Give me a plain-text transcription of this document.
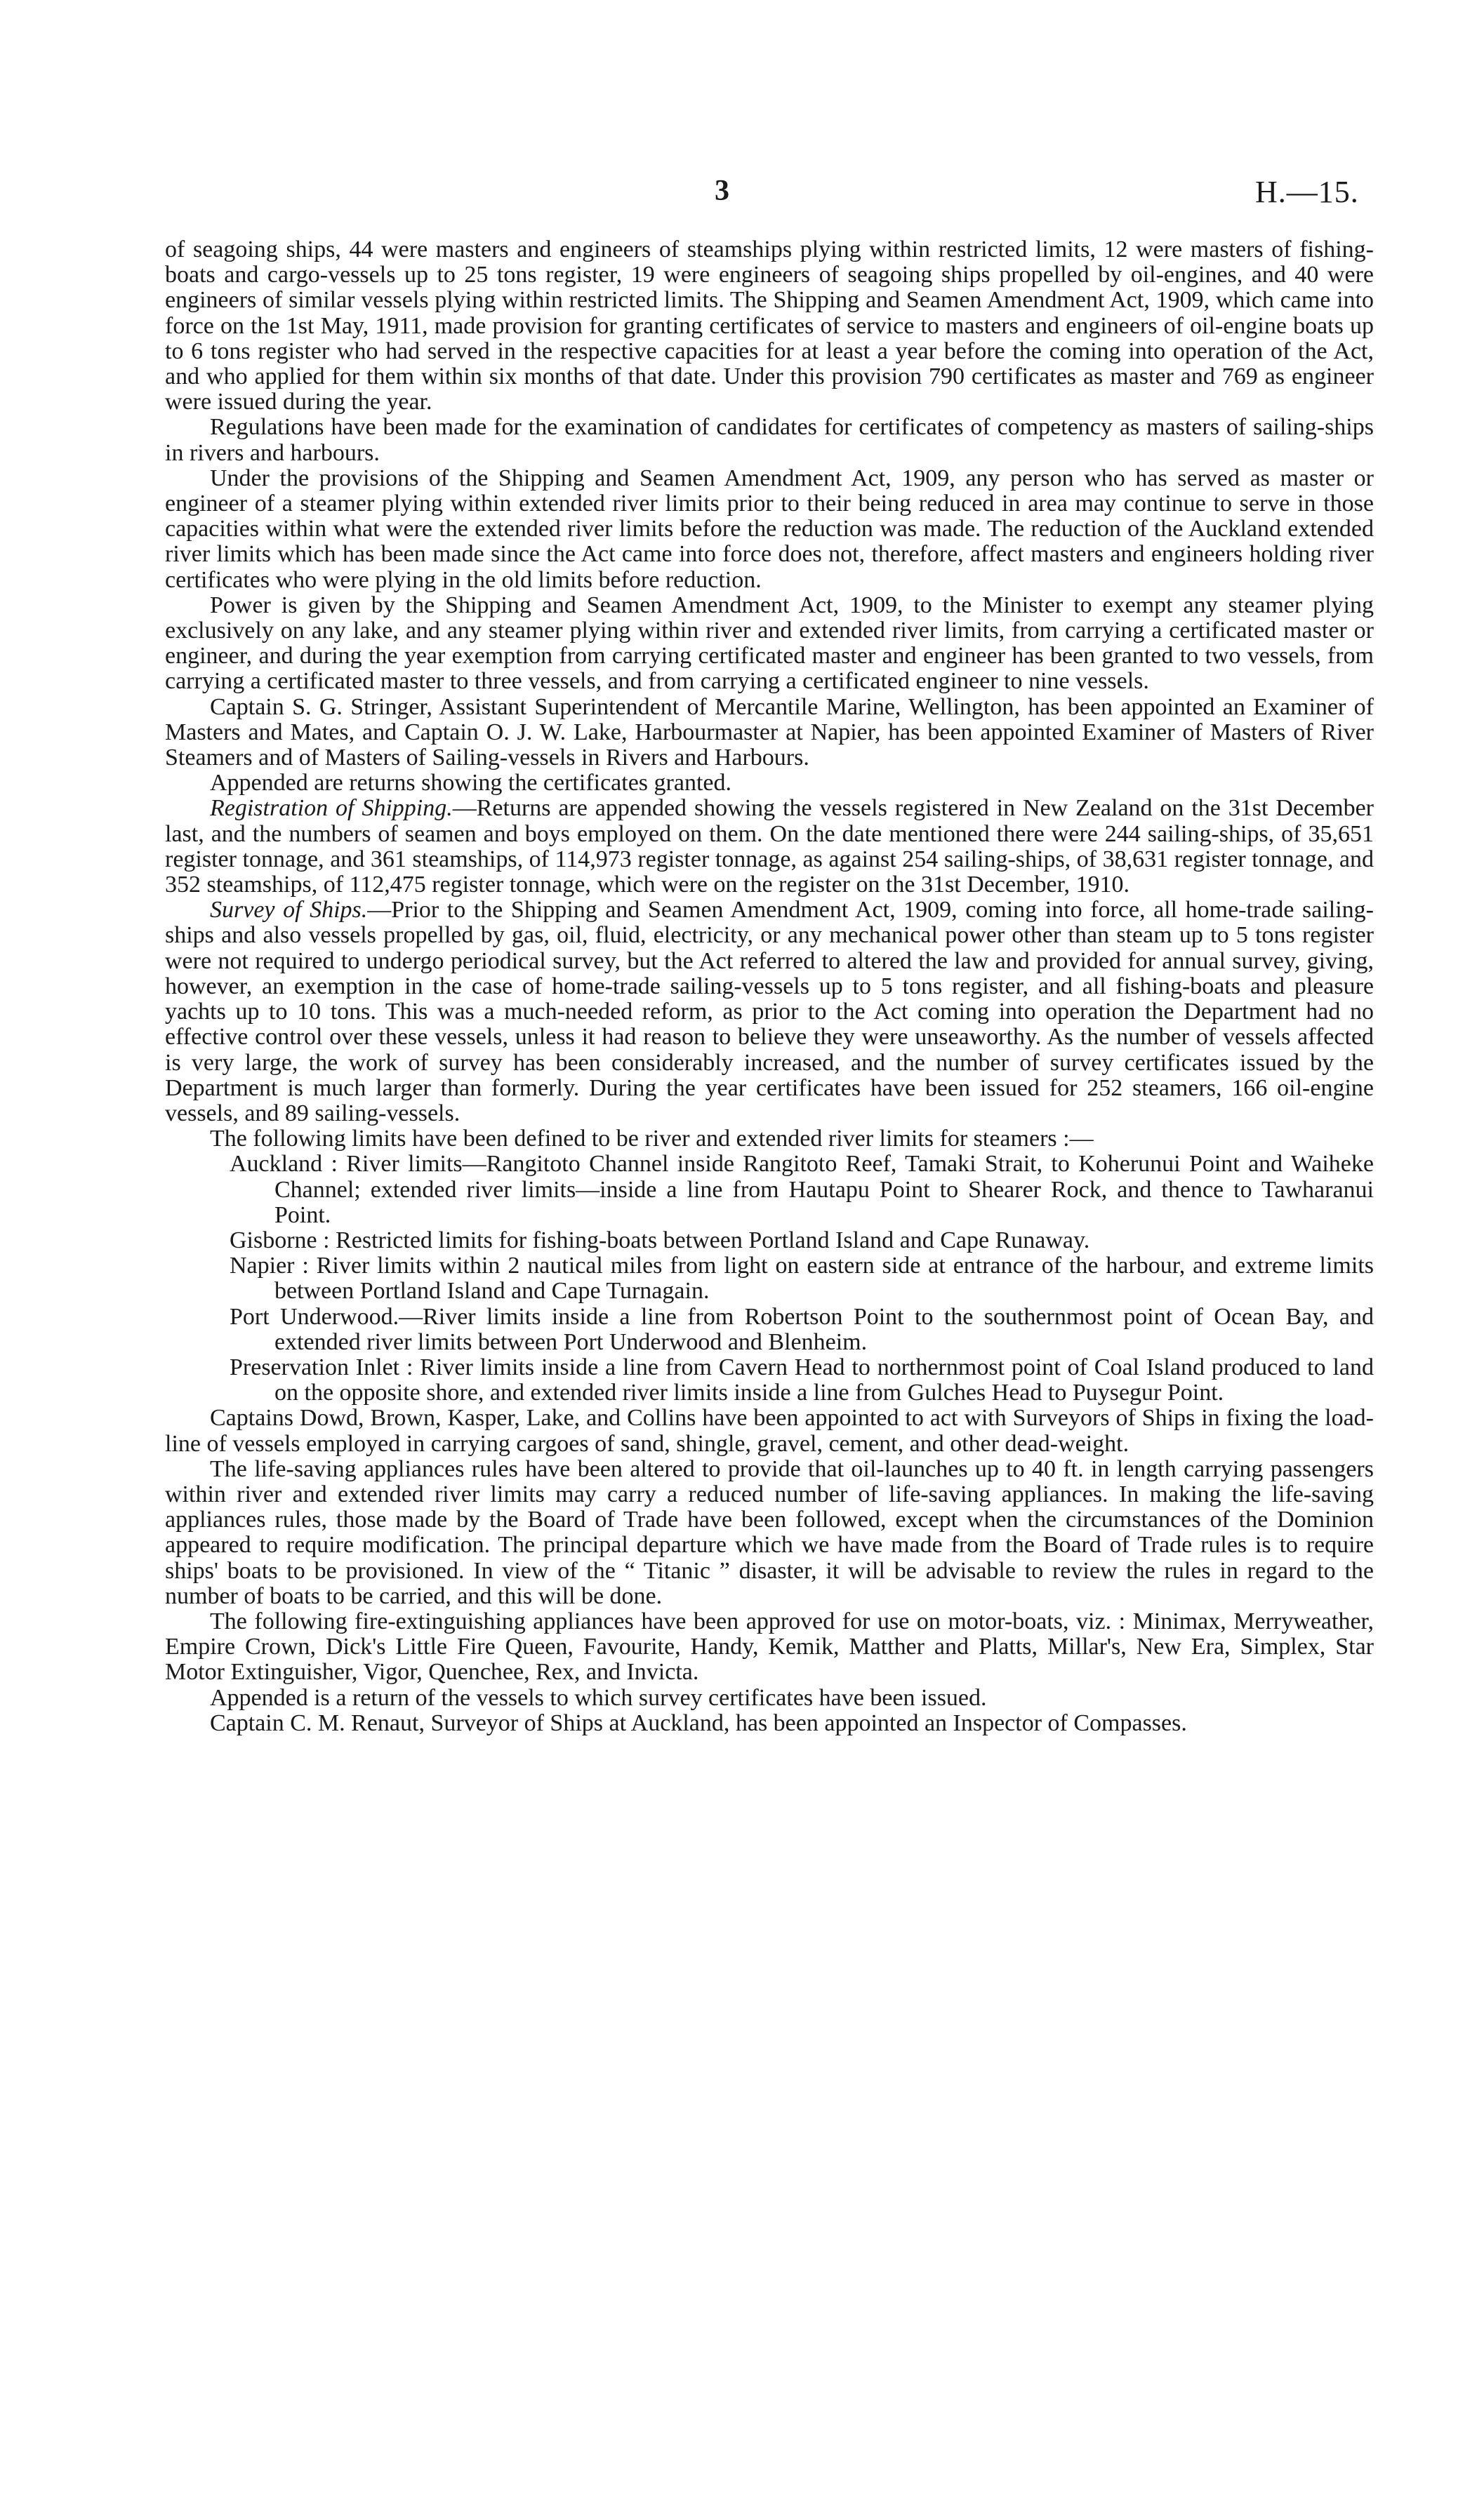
3	H.—15.

of seagoing ships, 44 were masters and engineers of steamships plying within restricted limits, 12 were masters of fishing-boats and cargo-vessels up to 25 tons register, 19 were engineers of seagoing ships propelled by oil-engines, and 40 were engineers of similar vessels plying within restricted limits. The Shipping and Seamen Amendment Act, 1909, which came into force on the 1st May, 1911, made provision for granting certificates of service to masters and engineers of oil-engine boats up to 6 tons register who had served in the respective capacities for at least a year before the coming into operation of the Act, and who applied for them within six months of that date. Under this provision 790 certificates as master and 769 as engineer were issued during the year.

Regulations have been made for the examination of candidates for certificates of competency as masters of sailing-ships in rivers and harbours.

Under the provisions of the Shipping and Seamen Amendment Act, 1909, any person who has served as master or engineer of a steamer plying within extended river limits prior to their being reduced in area may continue to serve in those capacities within what were the extended river limits before the reduction was made. The reduction of the Auckland extended river limits which has been made since the Act came into force does not, therefore, affect masters and engineers holding river certificates who were plying in the old limits before reduction.

Power is given by the Shipping and Seamen Amendment Act, 1909, to the Minister to exempt any steamer plying exclusively on any lake, and any steamer plying within river and extended river limits, from carrying a certificated master or engineer, and during the year exemption from carrying certificated master and engineer has been granted to two vessels, from carrying a certificated master to three vessels, and from carrying a certificated engineer to nine vessels.

Captain S. G. Stringer, Assistant Superintendent of Mercantile Marine, Wellington, has been appointed an Examiner of Masters and Mates, and Captain O. J. W. Lake, Harbourmaster at Napier, has been appointed Examiner of Masters of River Steamers and of Masters of Sailing-vessels in Rivers and Harbours.

Appended are returns showing the certificates granted.

Registration of Shipping.—Returns are appended showing the vessels registered in New Zealand on the 31st December last, and the numbers of seamen and boys employed on them. On the date mentioned there were 244 sailing-ships, of 35,651 register tonnage, and 361 steamships, of 114,973 register tonnage, as against 254 sailing-ships, of 38,631 register tonnage, and 352 steamships, of 112,475 register tonnage, which were on the register on the 31st December, 1910.

Survey of Ships.—Prior to the Shipping and Seamen Amendment Act, 1909, coming into force, all home-trade sailing-ships and also vessels propelled by gas, oil, fluid, electricity, or any mechanical power other than steam up to 5 tons register were not required to undergo periodical survey, but the Act referred to altered the law and provided for annual survey, giving, however, an exemption in the case of home-trade sailing-vessels up to 5 tons register, and all fishing-boats and pleasure yachts up to 10 tons. This was a much-needed reform, as prior to the Act coming into operation the Department had no effective control over these vessels, unless it had reason to believe they were unseaworthy. As the number of vessels affected is very large, the work of survey has been considerably increased, and the number of survey certificates issued by the Department is much larger than formerly. During the year certificates have been issued for 252 steamers, 166 oil-engine vessels, and 89 sailing-vessels.

The following limits have been defined to be river and extended river limits for steamers :—

Auckland : River limits—Rangitoto Channel inside Rangitoto Reef, Tamaki Strait, to Koherunui Point and Waiheke Channel; extended river limits—inside a line from Hautapu Point to Shearer Rock, and thence to Tawharanui Point.

Gisborne : Restricted limits for fishing-boats between Portland Island and Cape Runaway.

Napier : River limits within 2 nautical miles from light on eastern side at entrance of the harbour, and extreme limits between Portland Island and Cape Turnagain.

Port Underwood.—River limits inside a line from Robertson Point to the southernmost point of Ocean Bay, and extended river limits between Port Underwood and Blenheim.

Preservation Inlet : River limits inside a line from Cavern Head to northernmost point of Coal Island produced to land on the opposite shore, and extended river limits inside a line from Gulches Head to Puysegur Point.

Captains Dowd, Brown, Kasper, Lake, and Collins have been appointed to act with Surveyors of Ships in fixing the load-line of vessels employed in carrying cargoes of sand, shingle, gravel, cement, and other dead-weight.

The life-saving appliances rules have been altered to provide that oil-launches up to 40 ft. in length carrying passengers within river and extended river limits may carry a reduced number of life-saving appliances. In making the life-saving appliances rules, those made by the Board of Trade have been followed, except when the circumstances of the Dominion appeared to require modification. The principal departure which we have made from the Board of Trade rules is to require ships' boats to be provisioned. In view of the “ Titanic ” disaster, it will be advisable to review the rules in regard to the number of boats to be carried, and this will be done.

The following fire-extinguishing appliances have been approved for use on motor-boats, viz. : Minimax, Merryweather, Empire Crown, Dick's Little Fire Queen, Favourite, Handy, Kemik, Matther and Platts, Millar's, New Era, Simplex, Star Motor Extinguisher, Vigor, Quenchee, Rex, and Invicta.

Appended is a return of the vessels to which survey certificates have been issued.

Captain C. M. Renaut, Surveyor of Ships at Auckland, has been appointed an Inspector of Compasses.
